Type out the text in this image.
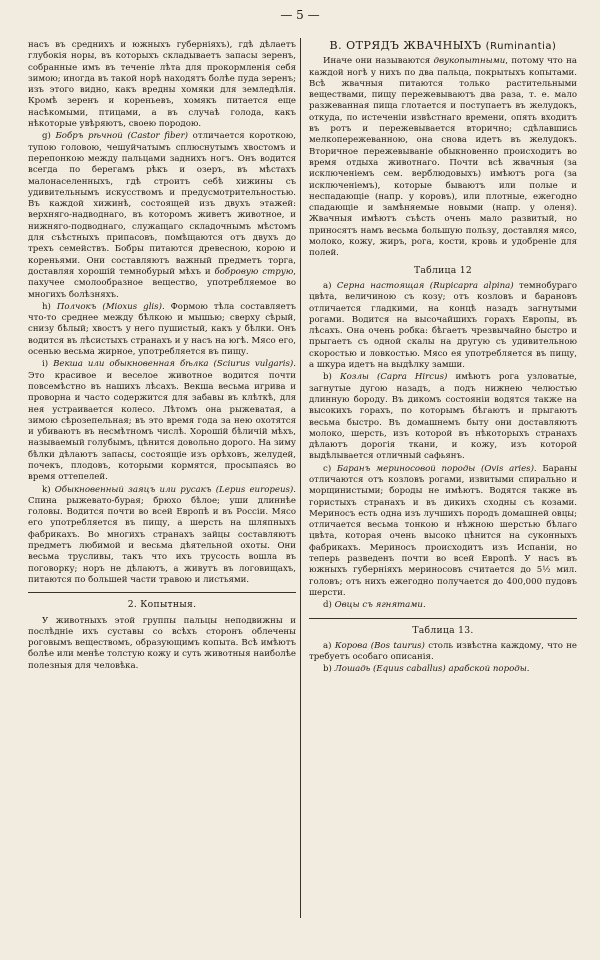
— 5 —

насъ въ среднихъ и южныхъ губерніяхъ), гдѣ дѣлаетъ глубокія норы, въ которыхъ складываетъ запасы зеренъ, собранные имъ въ теченіе лѣта для прокормленія себя зимою; иногда въ такой норѣ находятъ болѣе пуда зеренъ; изъ этого видно, какъ вредны хомяки для земледѣлія. Кромѣ зеренъ и кореньевъ, хомякъ питается еще насѣкомыми, птицами, а въ случаѣ голода, какъ нѣкоторые увѣряютъ, своею породою.

g) Бобръ рѣчной (Castor fiber) отличается короткою, тупою головою, чешуйчатымъ сплюснутымъ хвостомъ и перепонкою между пальцами заднихъ ногъ. Онъ водится всегда по берегамъ рѣкъ и озеръ, въ мѣстахъ малонаселенныхъ, гдѣ строитъ себѣ хижины съ удивительнымъ искусствомъ и предусмотрительностью. Въ каждой хижинѣ, состоящей изъ двухъ этажей: верхняго-надводнаго, въ которомъ живетъ животное, и нижняго-подводнаго, служащаго складочнымъ мѣстомъ для съѣстныхъ припасовъ, помѣщаются отъ двухъ до трехъ семействъ. Бобры питаются древесною, корою и кореньями. Они составляютъ важный предметъ торга, доставляя хорошій темнобурый мѣхъ и бобровую струю, пахучее смолообразное вещество, употребляемое во многихъ болѣзняхъ.

h) Полчокъ (Mioxus glis). Формою тѣла составляетъ что-то среднее между бѣлкою и мышью; сверху сѣрый, снизу бѣлый; хвостъ у него пушистый, какъ у бѣлки. Онъ водится въ лѣсистыхъ странахъ и у насъ на югѣ. Мясо его, осенью весьма жирное, употребляется въ пищу.

i) Векша или обыкновенная бѣлка (Sciurus vulgaris). Это красивое и веселое животное водится почти повсемѣстно въ нашихъ лѣсахъ. Векша весьма игрива и проворна и часто содержится для забавы въ клѣткѣ, для нея устраивается колесо. Лѣтомъ она рыжеватая, а зимою сѣрозепельная; въ это время года за нею охотятся и убиваютъ въ несмѣтномъ числѣ. Хорошій бѣличій мѣхъ, называемый голубымъ, цѣнится довольно дорого. На зиму бѣлки дѣлаютъ запасы, состоящіе изъ орѣховъ, желудей, почекъ, плодовъ, которыми кормятся, просыпаясь во время оттепелей.

k) Обыкновенный заяцъ или русакъ (Lepus europeus). Спина рыжевато-бурая; брюхо бѣлое; уши длиннѣе головы. Водится почти во всей Европѣ и въ Россіи. Мясо его употребляется въ пищу, а шерсть на шляпныхъ фабрикахъ. Во многихъ странахъ зайцы составляютъ предметъ любимой и весьма дѣятельной охоты. Они весьма трусливы, такъ что ихъ трусость вошла въ поговорку; норъ не дѣлаютъ, а живутъ въ логовищахъ, питаются по большей части травою и листьями.

2. Копытныя.

У животныхъ этой группы пальцы неподвижны и послѣдніе ихъ суставы со всѣхъ сторонъ облечены роговымъ веществомъ, образующимъ копыта. Всѣ имѣютъ болѣе или менѣе толстую кожу и суть животныя наиболѣе полезныя для человѣка.

В. ОТРЯДЪ ЖВАЧНЫХЪ (Ruminantia)

Иначе они называются двукопытными, потому что на каждой ногѣ у нихъ по два пальца, покрытыхъ копытами. Всѣ жвачныя питаются только растительными веществами, пищу пережевываютъ два раза, т. е. мало разжеванная пища глотается и поступаетъ въ желудокъ, откуда, по истеченіи извѣстнаго времени, опять входитъ въ ротъ и пережевывается вторично; сдѣлавшись мелкопережеванною, она снова идетъ въ желудокъ. Вторичное пережевываніе обыкновенно происходитъ во время отдыха животнаго. Почти всѣ жвачныя (за исключеніемъ сем. верблюдовыхъ) имѣютъ рога (за исключеніемъ), которые бываютъ или полые и неспадающіе (напр. у коровъ), или плотные, ежегодно спадающіе и замѣняемые новыми (напр. у оленя). Жвачныя имѣютъ съѣсть очень мало развитый, но приносятъ намъ весьма большую пользу, доставляя мясо, молоко, кожу, жиръ, рога, кости, кровь и удобреніе для полей.

Таблица 12

a) Серна настоящая (Rupicapra alpina) темнобураго цвѣта, величиною съ козу; отъ козловъ и барановъ отличается гладкими, на концѣ назадъ загнутыми рогами. Водится на высочайшихъ горахъ Европы, въ лѣсахъ. Она очень робка: бѣгаетъ чрезвычайно быстро и прыгаетъ съ одной скалы на другую съ удивительною скоростью и ловкостью. Мясо ея употребляется въ пищу, а шкура идетъ на выдѣлку замши.

b) Козлы (Capra Hircus) имѣютъ рога узловатые, загнутые дугою назадъ, а подъ нижнею челюстью длинную бороду. Въ дикомъ состояніи водятся также на высокихъ горахъ, по которымъ бѣгаютъ и прыгаютъ весьма быстро. Въ домашнемъ быту они доставляютъ молоко, шерсть, изъ которой въ нѣкоторыхъ странахъ дѣлаютъ дорогія ткани, и кожу, изъ которой выдѣлывается отличный сафьянъ.

c) Баранъ мериносовой породы (Ovis aries). Бараны отличаются отъ козловъ рогами, извитыми спирально и морщинистыми; бороды не имѣютъ. Водятся также въ гористыхъ странахъ и въ дикихъ сходны съ козами. Мериносъ есть одна изъ лучшихъ породъ домашней овцы; отличается весьма тонкою и нѣжною шерстью бѣлаго цвѣта, которая очень высоко цѣнится на суконныхъ фабрикахъ. Мериносъ происходитъ изъ Испаніи, но теперь разведенъ почти во всей Европѣ. У насъ въ южныхъ губерніяхъ мериносовъ считается до 5½ мил. головъ; отъ нихъ ежегодно получается до 400,000 пудовъ шерсти.

d) Овцы съ ягнятами.

Таблица 13.

a) Корова (Bos taurus) столь извѣстна каждому, что не требуетъ особаго описанія.

b) Лошадь (Equus caballus) арабской породы.
